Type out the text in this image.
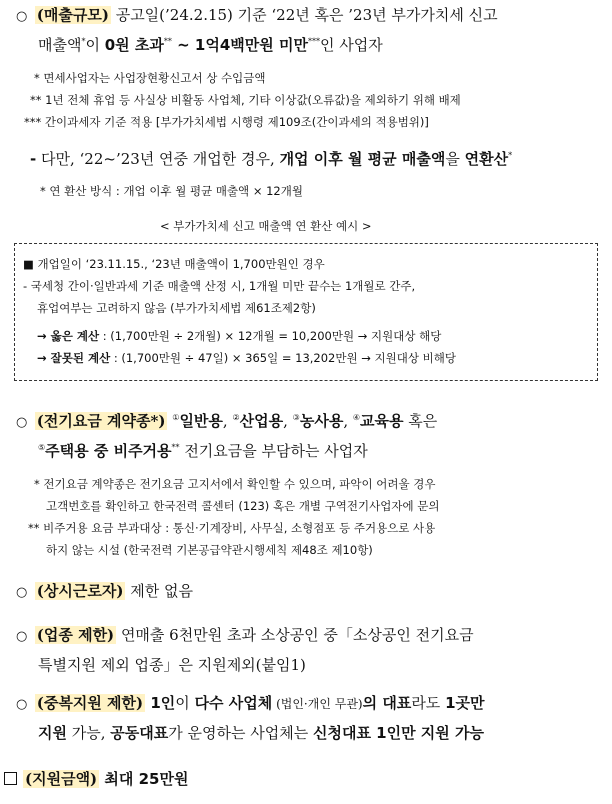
○ (매출규모) 공고일(’24.2.15) 기준 ‘22년 혹은 ’23년 부가가치세 신고
매출액*이 0원 초과** ~ 1억4백만원 미만***인 사업자
* 면세사업자는 사업장현황신고서 상 수입금액
** 1년 전체 휴업 등 사실상 비활동 사업체, 기타 이상값(오류값)을 제외하기 위해 배제
*** 간이과세자 기준 적용 [부가가치세법 시행령 제109조(간이과세의 적용범위)]
- 다만, ‘22~’23년 연중 개업한 경우, 개업 이후 월 평균 매출액을 연환산*
* 연 환산 방식 : 개업 이후 월 평균 매출액 × 12개월
< 부가가치세 신고 매출액 연 환산 예시 >
■ 개업일이 ‘23.11.15., ‘23년 매출액이 1,700만원인 경우
- 국세청 간이·일반과세 기준 매출액 산정 시, 1개월 미만 끝수는 1개월로 간주,
휴업여부는 고려하지 않음 (부가가치세법 제61조제2항)
→ 옳은 계산 : (1,700만원 ÷ 2개월) × 12개월 = 10,200만원 → 지원대상 해당
→ 잘못된 계산 : (1,700만원 ÷ 47일) × 365일 = 13,202만원 → 지원대상 비해당
○ (전기요금 계약종*) ①일반용, ②산업용, ③농사용, ④교육용 혹은
⑤주택용 중 비주거용** 전기요금을 부담하는 사업자
* 전기요금 계약종은 전기요금 고지서에서 확인할 수 있으며, 파악이 어려울 경우
고객번호를 확인하고 한국전력 콜센터 (123) 혹은 개별 구역전기사업자에 문의
** 비주거용 요금 부과대상 : 통신·기계장비, 사무실, 소형점포 등 주거용으로 사용
하지 않는 시설 (한국전력 기본공급약관시행세칙 제48조 제10항)
○ (상시근로자) 제한 없음
○ (업종 제한) 연매출 6천만원 초과 소상공인 중「소상공인 전기요금
특별지원 제외 업종」은 지원제외(붙임1)
○ (중복지원 제한) 1인이 다수 사업체 (법인·개인 무관)의 대표라도 1곳만
지원 가능, 공동대표가 운영하는 사업체는 신청대표 1인만 지원 가능
(지원금액) 최대 25만원
